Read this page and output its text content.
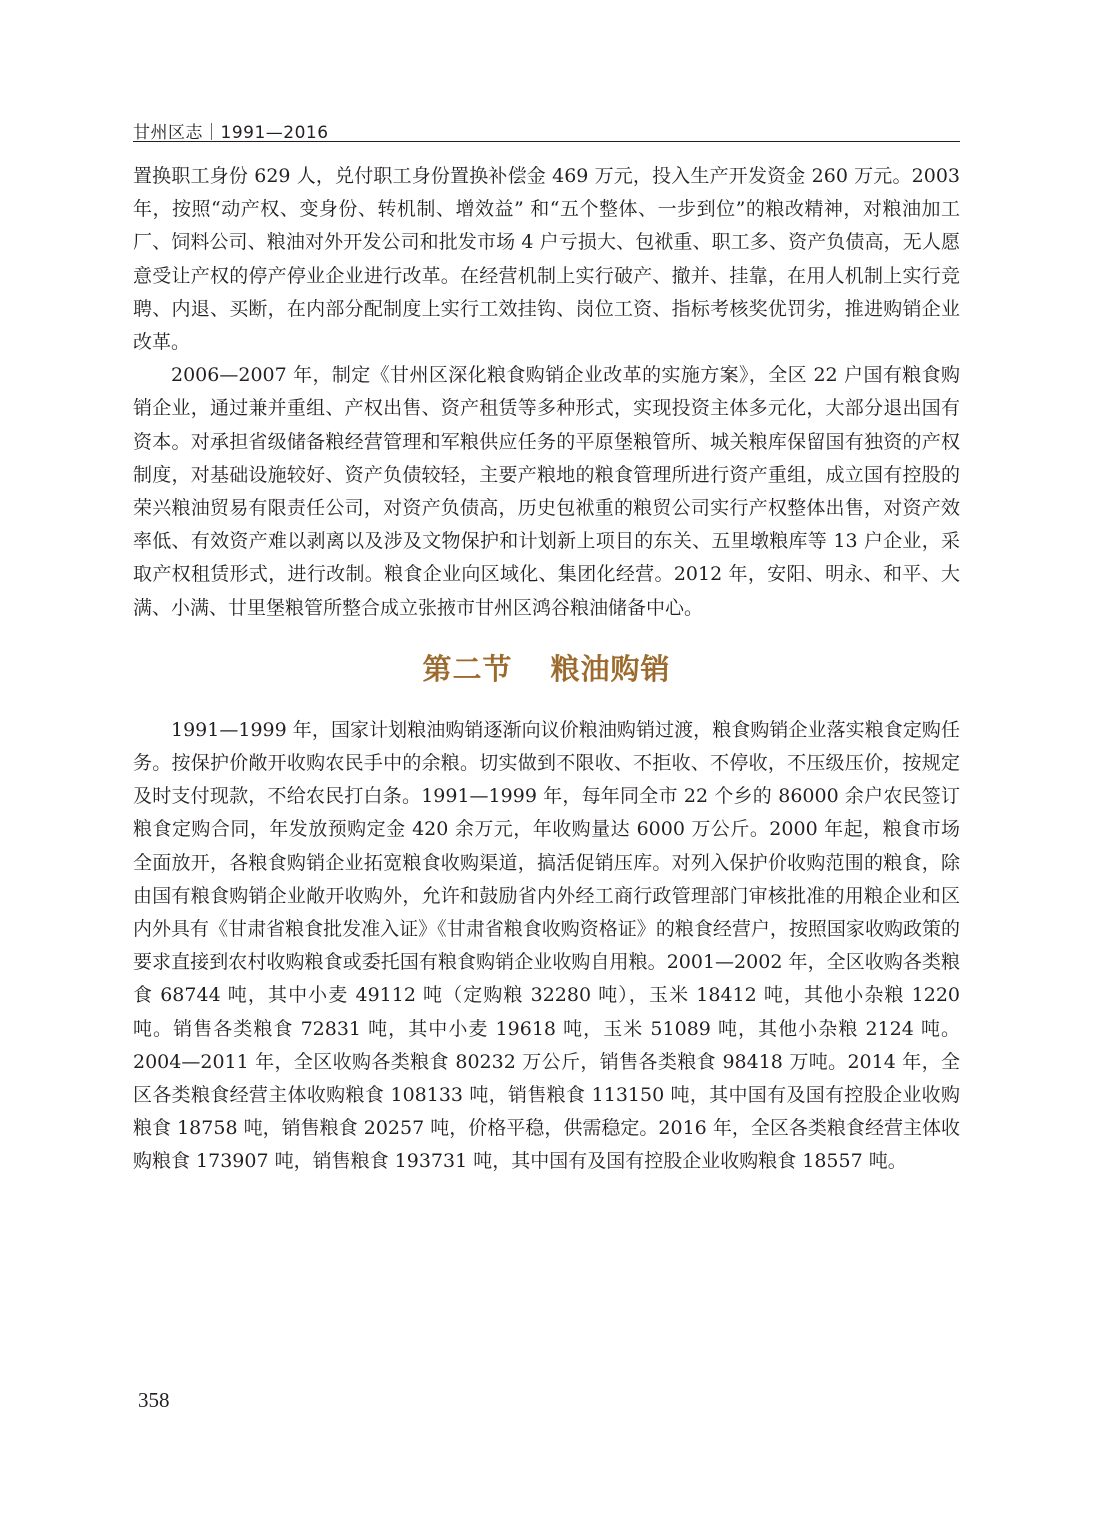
甘州区志｜1991—2016

置换职工身份 629 人，兑付职工身份置换补偿金 469 万元，投入生产开发资金 260 万元。2003 年，按照“动产权、变身份、转机制、增效益” 和“五个整体、一步到位”的粮改精神，对粮油加工厂、饲料公司、粮油对外开发公司和批发市场 4 户亏损大、包袱重、职工多、资产负债高，无人愿意受让产权的停产停业企业进行改革。在经营机制上实行破产、撤并、挂靠，在用人机制上实行竞聘、内退、买断，在内部分配制度上实行工效挂钩、岗位工资、指标考核奖优罚劣，推进购销企业改革。

2006—2007 年，制定《甘州区深化粮食购销企业改革的实施方案》，全区 22 户国有粮食购销企业，通过兼并重组、产权出售、资产租赁等多种形式，实现投资主体多元化，大部分退出国有资本。对承担省级储备粮经营管理和军粮供应任务的平原堡粮管所、城关粮库保留国有独资的产权制度，对基础设施较好、资产负债较轻，主要产粮地的粮食管理所进行资产重组，成立国有控股的荣兴粮油贸易有限责任公司，对资产负债高，历史包袱重的粮贸公司实行产权整体出售，对资产效率低、有效资产难以剥离以及涉及文物保护和计划新上项目的东关、五里墩粮库等 13 户企业，采取产权租赁形式，进行改制。粮食企业向区域化、集团化经营。2012 年，安阳、明永、和平、大满、小满、廿里堡粮管所整合成立张掖市甘州区鸿谷粮油储备中心。

第二节 粮油购销

1991—1999 年，国家计划粮油购销逐渐向议价粮油购销过渡，粮食购销企业落实粮食定购任务。按保护价敞开收购农民手中的余粮。切实做到不限收、不拒收、不停收，不压级压价，按规定及时支付现款，不给农民打白条。1991—1999 年，每年同全市 22 个乡的 86000 余户农民签订粮食定购合同，年发放预购定金 420 余万元，年收购量达 6000 万公斤。2000 年起，粮食市场全面放开，各粮食购销企业拓宽粮食收购渠道，搞活促销压库。对列入保护价收购范围的粮食，除由国有粮食购销企业敞开收购外，允许和鼓励省内外经工商行政管理部门审核批准的用粮企业和区内外具有《甘肃省粮食批发准入证》《甘肃省粮食收购资格证》的粮食经营户，按照国家收购政策的要求直接到农村收购粮食或委托国有粮食购销企业收购自用粮。2001—2002 年，全区收购各类粮食 68744 吨，其中小麦 49112 吨（定购粮 32280 吨），玉米 18412 吨，其他小杂粮 1220 吨。销售各类粮食 72831 吨，其中小麦 19618 吨，玉米 51089 吨，其他小杂粮 2124 吨。2004—2011 年，全区收购各类粮食 80232 万公斤，销售各类粮食 98418 万吨。2014 年，全区各类粮食经营主体收购粮食 108133 吨，销售粮食 113150 吨，其中国有及国有控股企业收购粮食 18758 吨，销售粮食 20257 吨，价格平稳，供需稳定。2016 年，全区各类粮食经营主体收购粮食 173907 吨，销售粮食 193731 吨，其中国有及国有控股企业收购粮食 18557 吨。

358
